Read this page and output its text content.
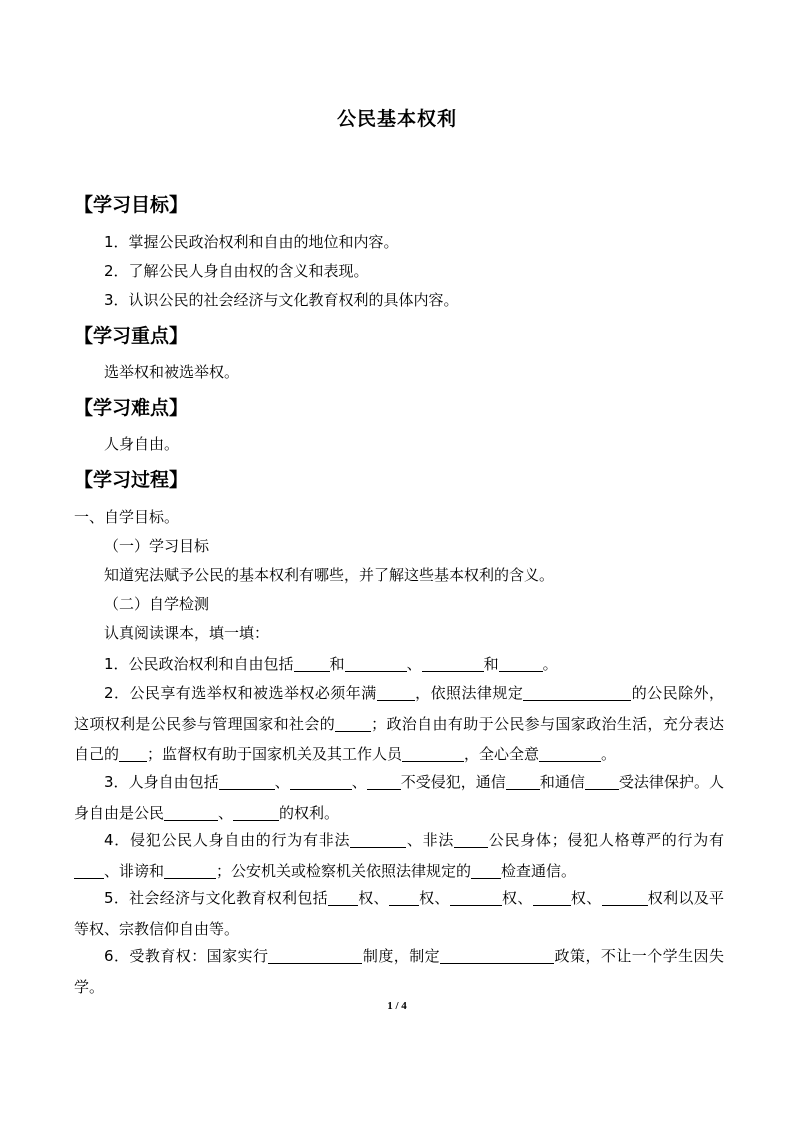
公民基本权利
【学习目标】
1．掌握公民政治权利和自由的地位和内容。
2．了解公民人身自由权的含义和表现。
3．认识公民的社会经济与文化教育权利的具体内容。
【学习重点】
选举权和被选举权。
【学习难点】
人身自由。
【学习过程】
一、自学目标。
（一）学习目标
知道宪法赋予公民的基本权利有哪些，并了解这些基本权利的含义。
（二）自学检测
认真阅读课本，填一填：
1．公民政治权利和自由包括 和	、	和	。
2．公民享有选举权和被选举权必须年满	，依照法律规定	的公民除外，这项权利是公民参与管理国家和社会的 ；政治自由有助于公民参与国家政治生活，充分表达自己的 ；监督权有助于国家机关及其工作人员	，全心全意	。
3．人身自由包括	、	、 不受侵犯，通信 和通信 受法律保护。人身自由是公民	、	的权利。
4．侵犯公民人身自由的行为有非法	、非法 公民身体；侵犯人格尊严的行为有、诽谤和	；公安机关或检察机关依照法律规定的 检查通信。
5．社会经济与文化教育权利包括 权、 权、	权、	权、	权利以及平等权、宗教信仰自由等。
6．受教育权：国家实行	制度，制定	政策，不让一个学生因失学。
1 / 4
